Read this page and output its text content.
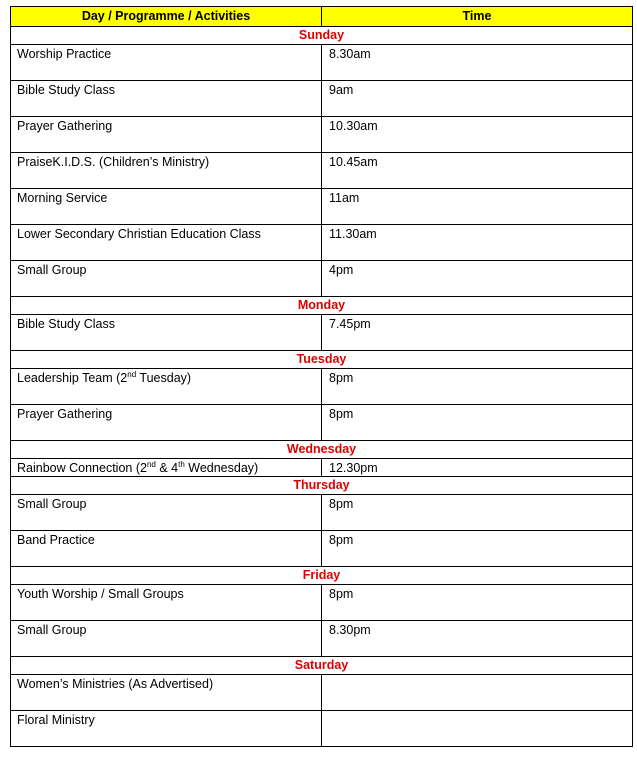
Day / Programme / Activities	Time
Sunday	
Worship Practice	8.30am
Bible Study Class	9am
Prayer Gathering	10.30am
PraiseK.I.D.S. (Children’s Ministry)	10.45am
Morning Service	11am
Lower Secondary Christian Education Class	11.30am
Small Group	4pm
Monday	
Bible Study Class	7.45pm
Tuesday	
Leadership Team (2nd Tuesday)	8pm
Prayer Gathering	8pm
Wednesday	
Rainbow Connection (2nd & 4th Wednesday)	12.30pm
Thursday	
Small Group	8pm
Band Practice	8pm
Friday	
Youth Worship / Small Groups	8pm
Small Group	8.30pm
Saturday	
Women’s Ministries (As Advertised)	
Floral Ministry	
